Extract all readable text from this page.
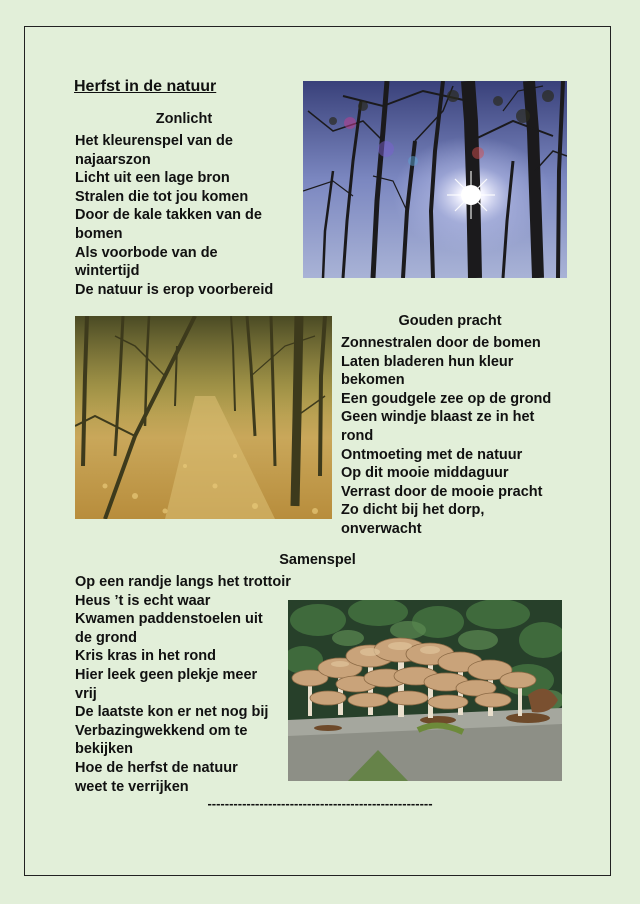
Herfst in de natuur
Zonlicht
Het kleurenspel van de
najaarszon
Licht uit een lage bron
Stralen die tot jou komen
Door de kale takken van de
bomen
Als voorbode van de
wintertijd
De natuur is erop voorbereid
Gouden pracht
Zonnestralen door de bomen
Laten bladeren hun kleur
bekomen
Een goudgele zee op de grond
Geen windje blaast ze in het
rond
Ontmoeting met de natuur
Op dit mooie middaguur
Verrast door de mooie pracht
Zo dicht bij het dorp,
onverwacht
Samenspel
Op een randje langs het trottoir
Heus ’t is echt waar
Kwamen paddenstoelen uit
de grond
Kris kras in het rond
Hier leek geen plekje meer
vrij
De laatste kon er net nog bij
Verbazingwekkend om te
bekijken
Hoe de herfst de natuur
weet te verrijken

----------------------------------------------------
